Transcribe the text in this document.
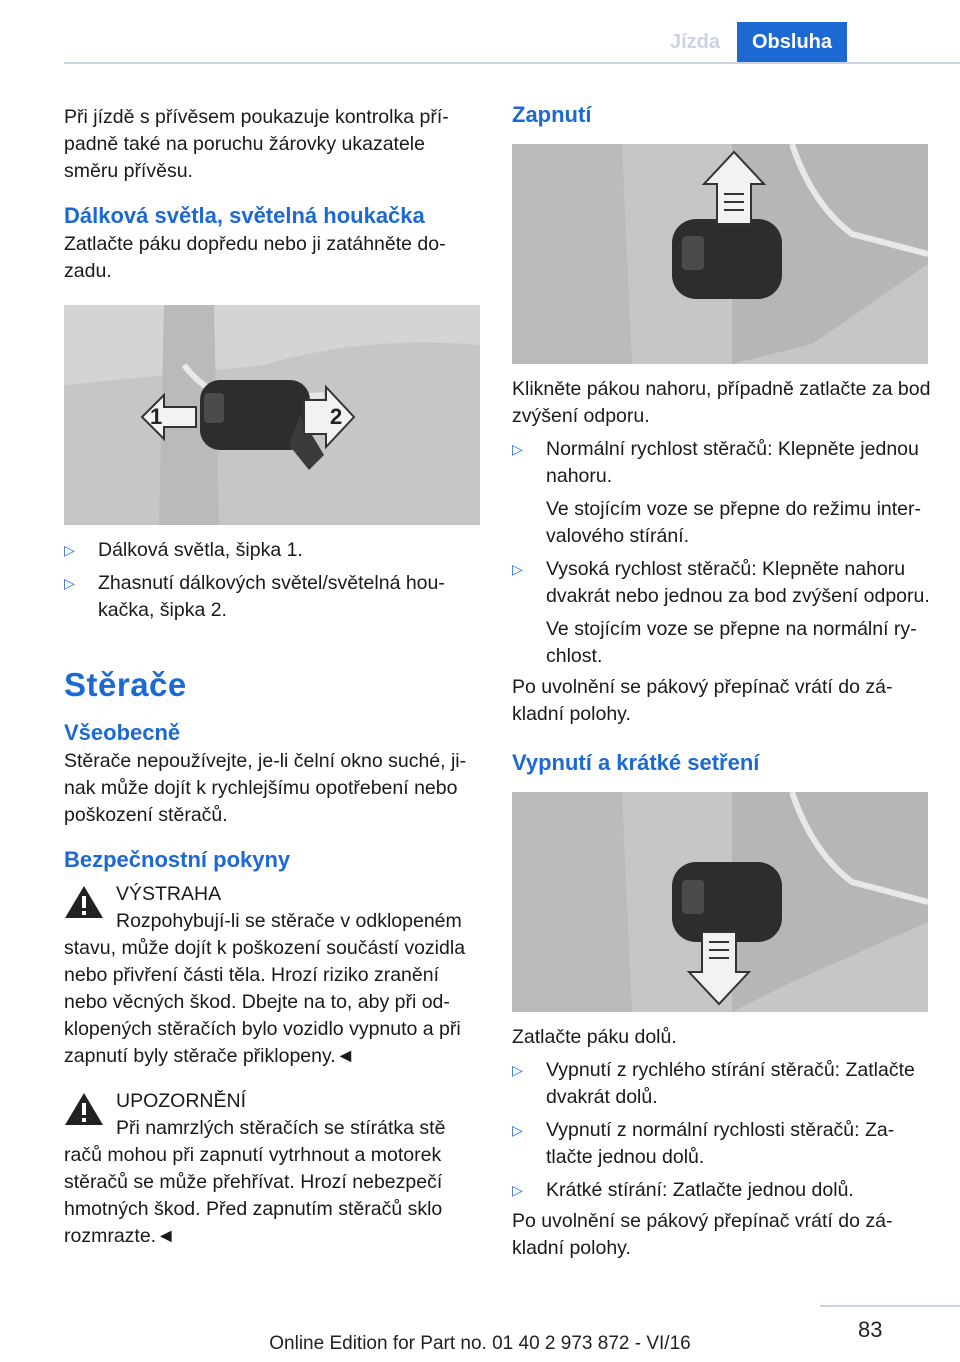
Jízda	Obsluha

Při jízdě s přívěsem poukazuje kontrolka případně také na poruchu žárovky ukazatele směru přívěsu.

Dálková světla, světelná houkačka

Zatlačte páku dopředu nebo ji zatáhněte dozadu.

1	2
▷ Dálková světla, šipka 1.
▷ Zhasnutí dálkových světel/světelná houkačka, šipka 2.
Stěrače
Všeobecně

Stěrače nepoužívejte, je-li čelní okno suché, jinak může dojít k rychlejšímu opotřebení nebo poškození stěračů.

Bezpečnostní pokyny
VÝSTRAHA
Rozpohybují-li se stěrače v odklopeném
stavu, může dojít k poškození součástí vozidla nebo přivření části těla. Hrozí riziko zranění nebo věcných škod. Dbejte na to, aby při odklopených stěračích bylo vozidlo vypnuto a při zapnutí byly stěrače přiklopeny.◄
UPOZORNĚNÍ
Při namrzlých stěračích se stírátka stě
račů mohou při zapnutí vytrhnout a motorek stěračů se může přehřívat. Hrozí nebezpečí hmotných škod. Před zapnutím stěračů sklo rozmrazte.◄
Zapnutí

Klikněte pákou nahoru, případně zatlačte za bod zvýšení odporu.

▷ Normální rychlost stěračů: Klepněte jednou nahoru.
Ve stojícím voze se přepne do režimu intervalového stírání.
▷ Vysoká rychlost stěračů: Klepněte nahoru dvakrát nebo jednou za bod zvýšení odporu.
Ve stojícím voze se přepne na normální rychlost.

Po uvolnění se pákový přepínač vrátí do základní polohy.

Vypnutí a krátké setření

Zatlačte páku dolů.

▷ Vypnutí z rychlého stírání stěračů: Zatlačte dvakrát dolů.
▷ Vypnutí z normální rychlosti stěračů: Zatlačte jednou dolů.
▷ Krátké stírání: Zatlačte jednou dolů.

Po uvolnění se pákový přepínač vrátí do základní polohy.

83
Online Edition for Part no. 01 40 2 973 872 - VI/16
